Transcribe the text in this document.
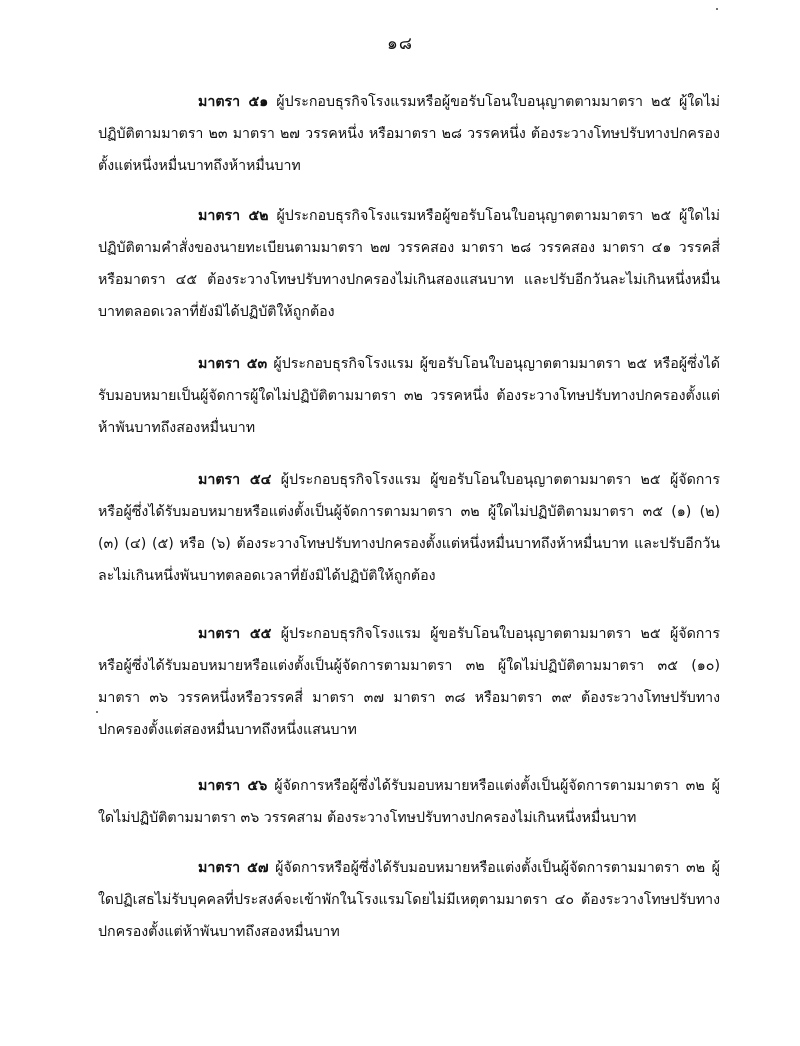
๑๘
มาตรา ๕๑ ผู้ประกอบธุรกิจโรงแรมหรือผู้ขอรับโอนใบอนุญาตตามมาตรา ๒๕ ผู้ใดไม่ปฏิบัติตามมาตรา ๒๓ มาตรา ๒๗ วรรคหนึ่ง หรือมาตรา ๒๘ วรรคหนึ่ง ต้องระวางโทษปรับทางปกครองตั้งแต่หนึ่งหมื่นบาทถึงห้าหมื่นบาท
มาตรา ๕๒ ผู้ประกอบธุรกิจโรงแรมหรือผู้ขอรับโอนใบอนุญาตตามมาตรา ๒๕ ผู้ใดไม่ปฏิบัติตามคำสั่งของนายทะเบียนตามมาตรา ๒๗ วรรคสอง มาตรา ๒๘ วรรคสอง มาตรา ๔๑ วรรคสี่ หรือมาตรา ๔๕ ต้องระวางโทษปรับทางปกครองไม่เกินสองแสนบาท และปรับอีกวันละไม่เกินหนึ่งหมื่นบาทตลอดเวลาที่ยังมิได้ปฏิบัติให้ถูกต้อง
มาตรา ๕๓ ผู้ประกอบธุรกิจโรงแรม ผู้ขอรับโอนใบอนุญาตตามมาตรา ๒๕ หรือผู้ซึ่งได้รับมอบหมายเป็นผู้จัดการผู้ใดไม่ปฏิบัติตามมาตรา ๓๒ วรรคหนึ่ง ต้องระวางโทษปรับทางปกครองตั้งแต่ห้าพันบาทถึงสองหมื่นบาท
มาตรา ๕๔ ผู้ประกอบธุรกิจโรงแรม ผู้ขอรับโอนใบอนุญาตตามมาตรา ๒๕ ผู้จัดการหรือผู้ซึ่งได้รับมอบหมายหรือแต่งตั้งเป็นผู้จัดการตามมาตรา ๓๒ ผู้ใดไม่ปฏิบัติตามมาตรา ๓๕ (๑) (๒) (๓) (๔) (๕) หรือ (๖) ต้องระวางโทษปรับทางปกครองตั้งแต่หนึ่งหมื่นบาทถึงห้าหมื่นบาท และปรับอีกวันละไม่เกินหนึ่งพันบาทตลอดเวลาที่ยังมิได้ปฏิบัติให้ถูกต้อง
มาตรา ๕๕ ผู้ประกอบธุรกิจโรงแรม ผู้ขอรับโอนใบอนุญาตตามมาตรา ๒๕ ผู้จัดการหรือผู้ซึ่งได้รับมอบหมายหรือแต่งตั้งเป็นผู้จัดการตามมาตรา ๓๒ ผู้ใดไม่ปฏิบัติตามมาตรา ๓๕ (๑๐) มาตรา ๓๖ วรรคหนึ่งหรือวรรคสี่ มาตรา ๓๗ มาตรา ๓๘ หรือมาตรา ๓๙ ต้องระวางโทษปรับทางปกครองตั้งแต่สองหมื่นบาทถึงหนึ่งแสนบาท
มาตรา ๕๖ ผู้จัดการหรือผู้ซึ่งได้รับมอบหมายหรือแต่งตั้งเป็นผู้จัดการตามมาตรา ๓๒ ผู้ใดไม่ปฏิบัติตามมาตรา ๓๖ วรรคสาม ต้องระวางโทษปรับทางปกครองไม่เกินหนึ่งหมื่นบาท
มาตรา ๕๗ ผู้จัดการหรือผู้ซึ่งได้รับมอบหมายหรือแต่งตั้งเป็นผู้จัดการตามมาตรา ๓๒ ผู้ใดปฏิเสธไม่รับบุคคลที่ประสงค์จะเข้าพักในโรงแรมโดยไม่มีเหตุตามมาตรา ๔๐ ต้องระวางโทษปรับทางปกครองตั้งแต่ห้าพันบาทถึงสองหมื่นบาท
